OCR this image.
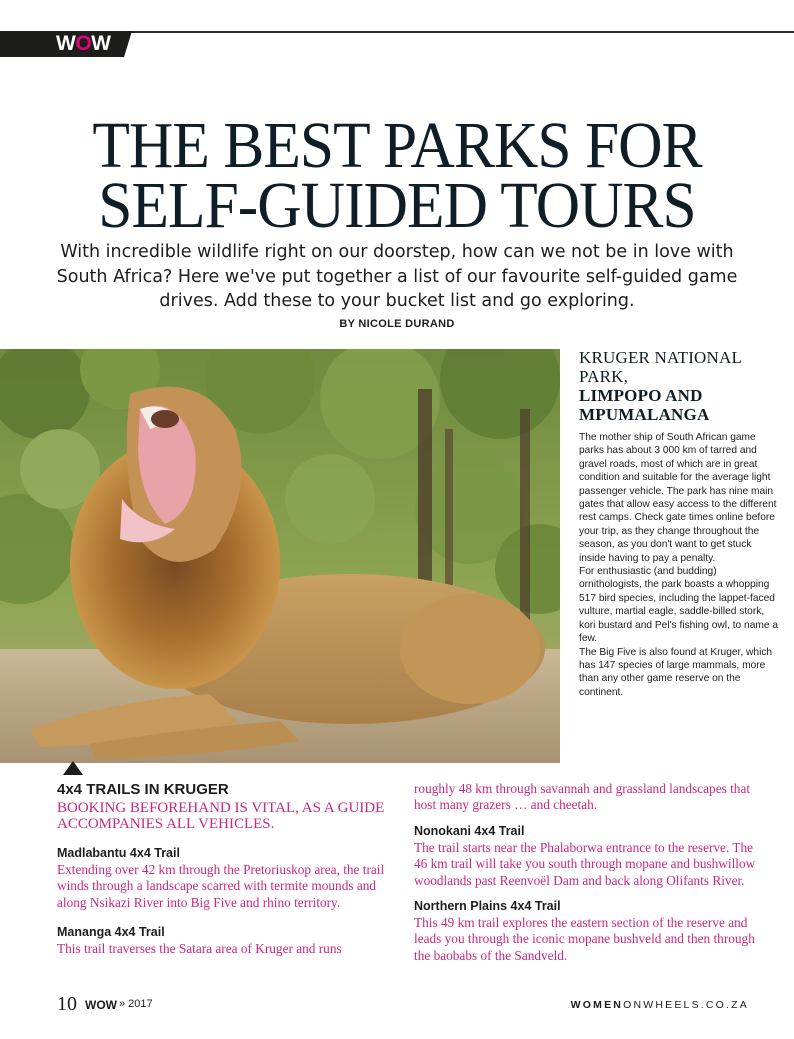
WOW
THE BEST PARKS FOR
SELF-GUIDED TOURS
With incredible wildlife right on our doorstep, how can we not be in love with South Africa? Here we've put together a list of our favourite self-guided game drives. Add these to your bucket list and go exploring.
BY NICOLE DURAND
KRUGER NATIONAL PARK,
LIMPOPO AND MPUMALANGA
The mother ship of South African game parks has about 3 000 km of tarred and gravel roads, most of which are in great condition and suitable for the average light passenger vehicle. The park has nine main gates that allow easy access to the different rest camps. Check gate times online before your trip, as they change throughout the season, as you don't want to get stuck inside having to pay a penalty.
For enthusiastic (and budding) ornithologists, the park boasts a whopping 517 bird species, including the lappet-faced vulture, martial eagle, saddle-billed stork, kori bustard and Pel's fishing owl, to name a few.
The Big Five is also found at Kruger, which has 147 species of large mammals, more than any other game reserve on the continent.
4x4 TRAILS IN KRUGER
BOOKING BEFOREHAND IS VITAL, AS A GUIDE ACCOMPANIES ALL VEHICLES.
Madlabantu 4x4 Trail
Extending over 42 km through the Pretoriuskop area, the trail winds through a landscape scarred with termite mounds and along Nsikazi River into Big Five and rhino territory.
Mananga 4x4 Trail
This trail traverses the Satara area of Kruger and runs
roughly 48 km through savannah and grassland landscapes that host many grazers … and cheetah.
Nonokani 4x4 Trail
The trail starts near the Phalaborwa entrance to the reserve. The 46 km trail will take you south through mopane and bushwillow woodlands past Reenvoël Dam and back along Olifants River.
Northern Plains 4x4 Trail
This 49 km trail explores the eastern section of the reserve and leads you through the iconic mopane bushveld and then through the baobabs of the Sandveld.
10 WOW » 2017	WOMENONWHEELS.CO.ZA
